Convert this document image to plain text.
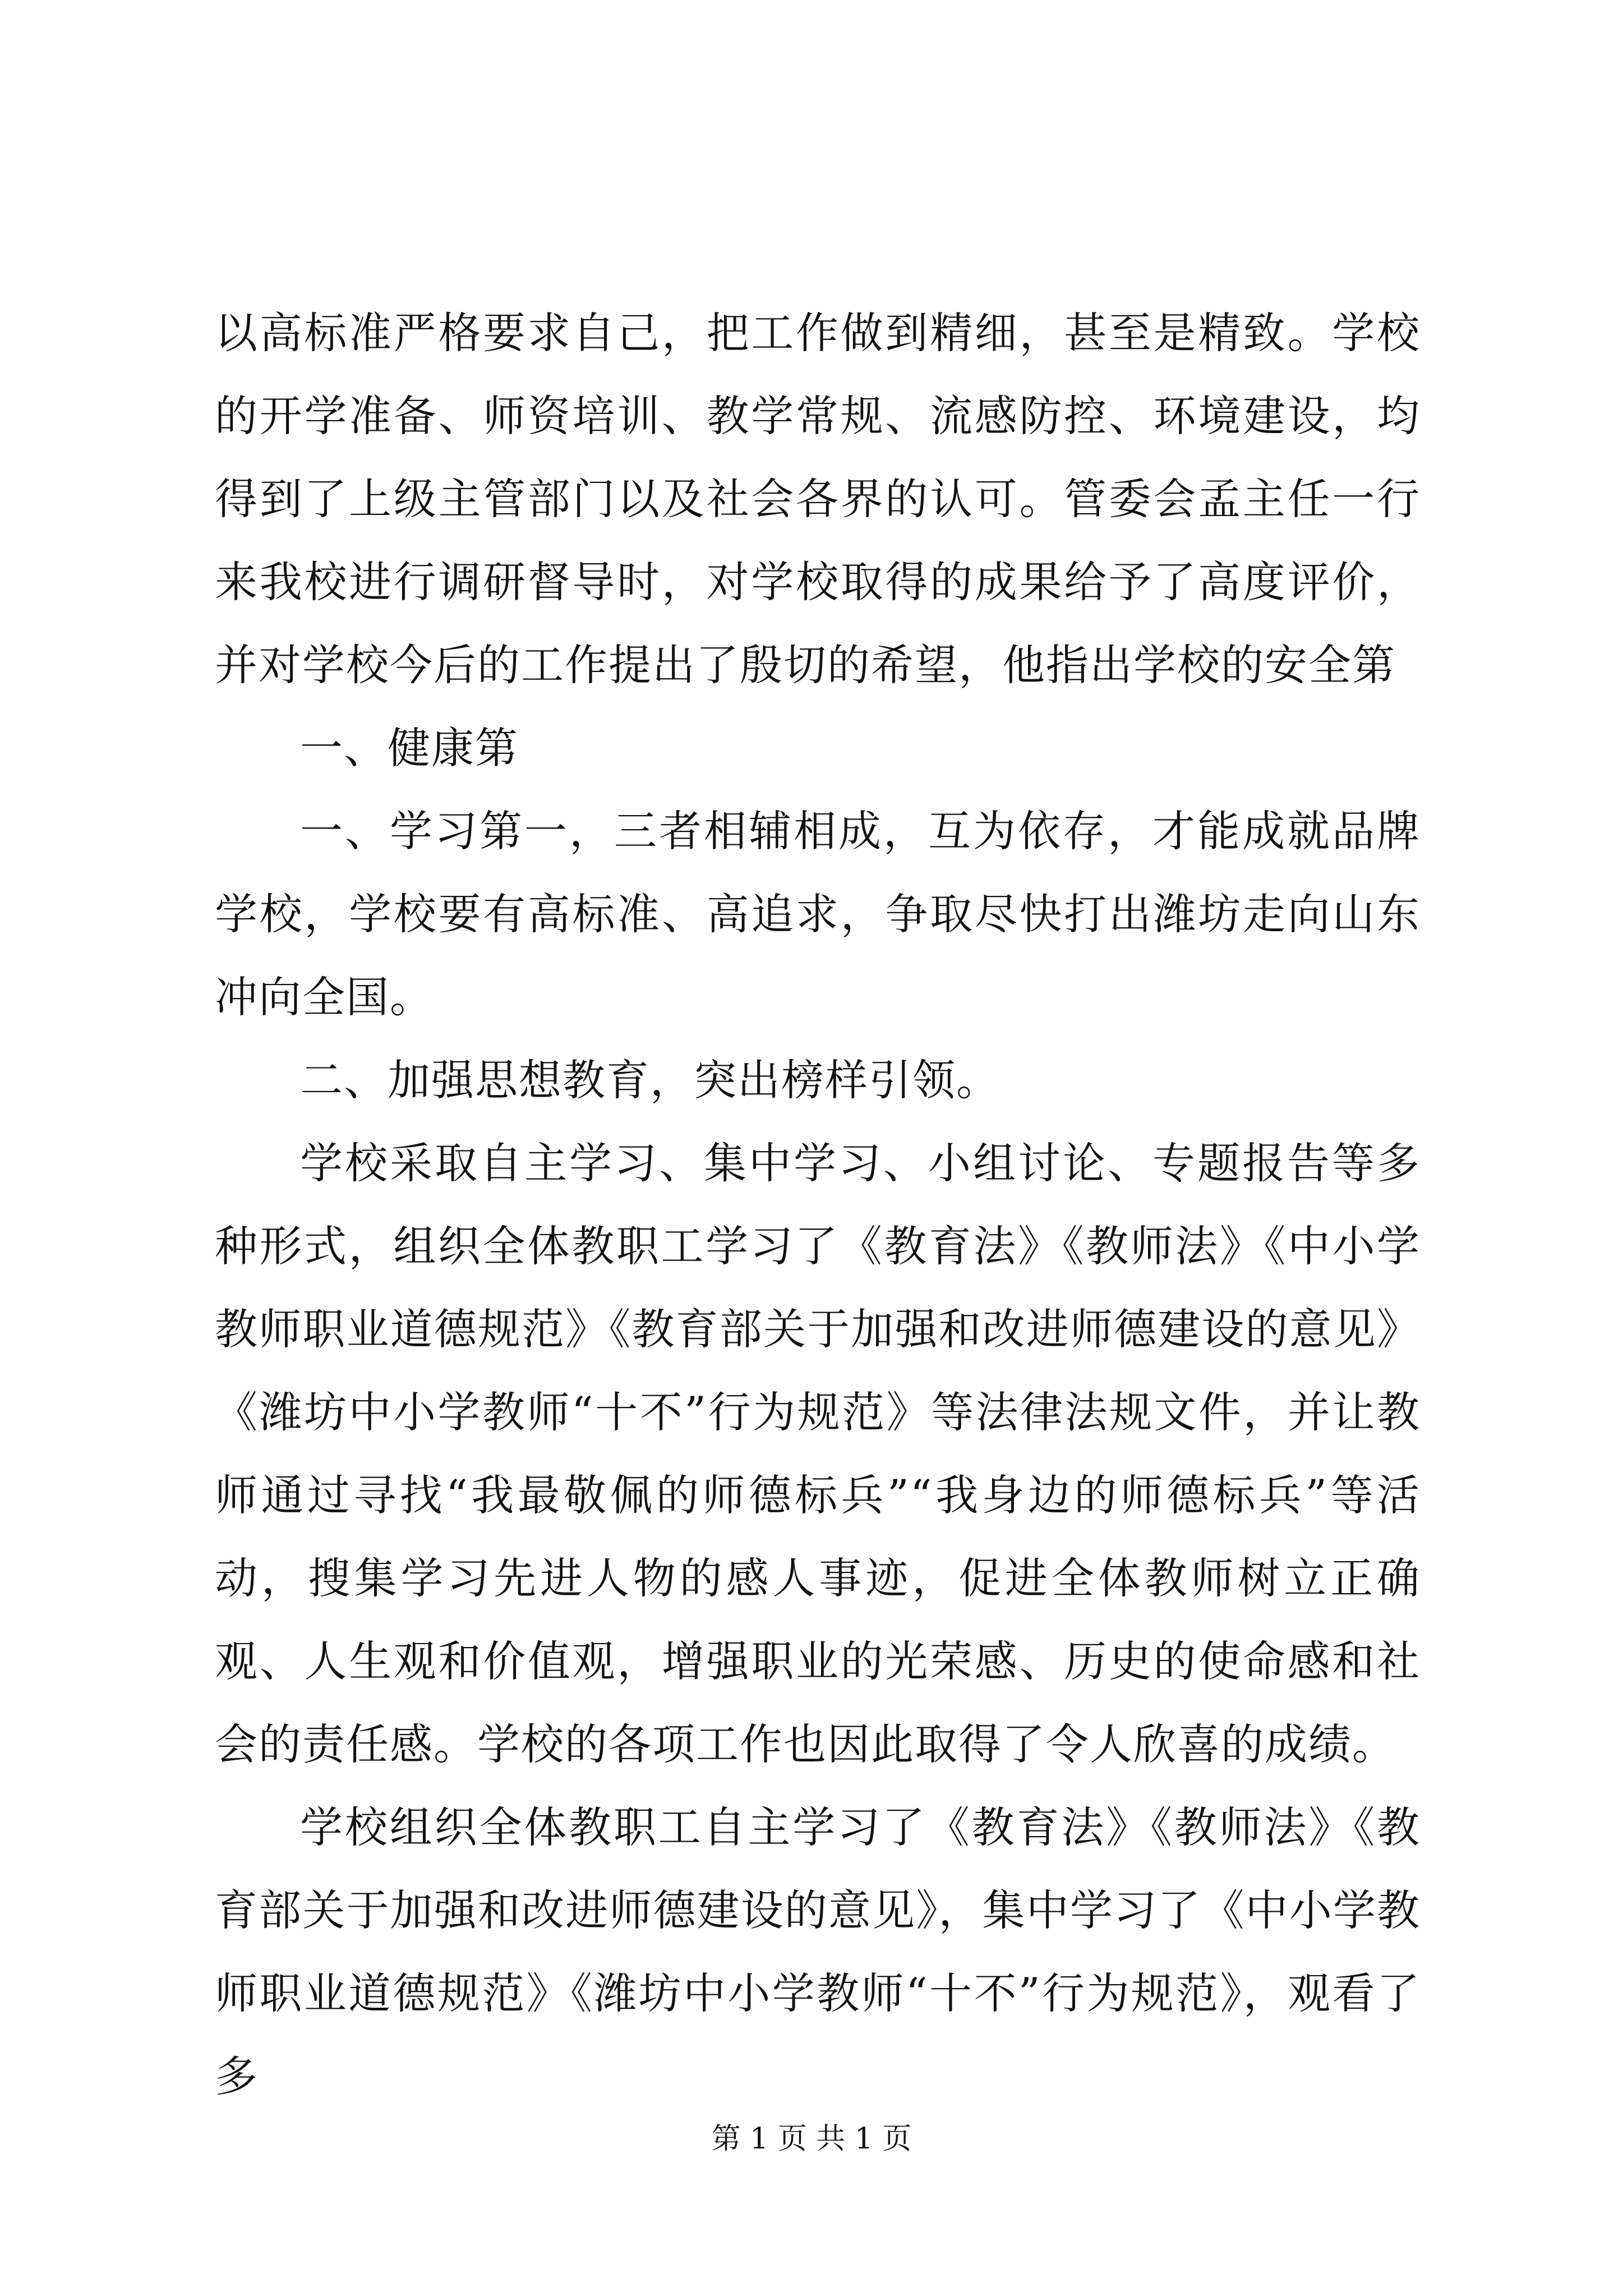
以高标准严格要求自己，把工作做到精细，甚至是精致。学校的开学准备、师资培训、教学常规、流感防控、环境建设，均得到了上级主管部门以及社会各界的认可。管委会孟主任一行来我校进行调研督导时，对学校取得的成果给予了高度评价，并对学校今后的工作提出了殷切的希望，他指出学校的安全第

一、健康第

一、学习第一，三者相辅相成，互为依存，才能成就品牌学校，学校要有高标准、高追求，争取尽快打出潍坊走向山东冲向全国。

二、加强思想教育，突出榜样引领。

学校采取自主学习、集中学习、小组讨论、专题报告等多种形式，组织全体教职工学习了《教育法》《教师法》《中小学教师职业道德规范》《教育部关于加强和改进师德建设的意见》《潍坊中小学教师“十不”行为规范》等法律法规文件，并让教师通过寻找“我最敬佩的师德标兵”“我身边的师德标兵”等活动，搜集学习先进人物的感人事迹，促进全体教师树立正确观、人生观和价值观，增强职业的光荣感、历史的使命感和社会的责任感。学校的各项工作也因此取得了令人欣喜的成绩。

学校组织全体教职工自主学习了《教育法》《教师法》《教育部关于加强和改进师德建设的意见》，集中学习了《中小学教师职业道德规范》《潍坊中小学教师“十不”行为规范》，观看了多

第 1 页 共 1 页
